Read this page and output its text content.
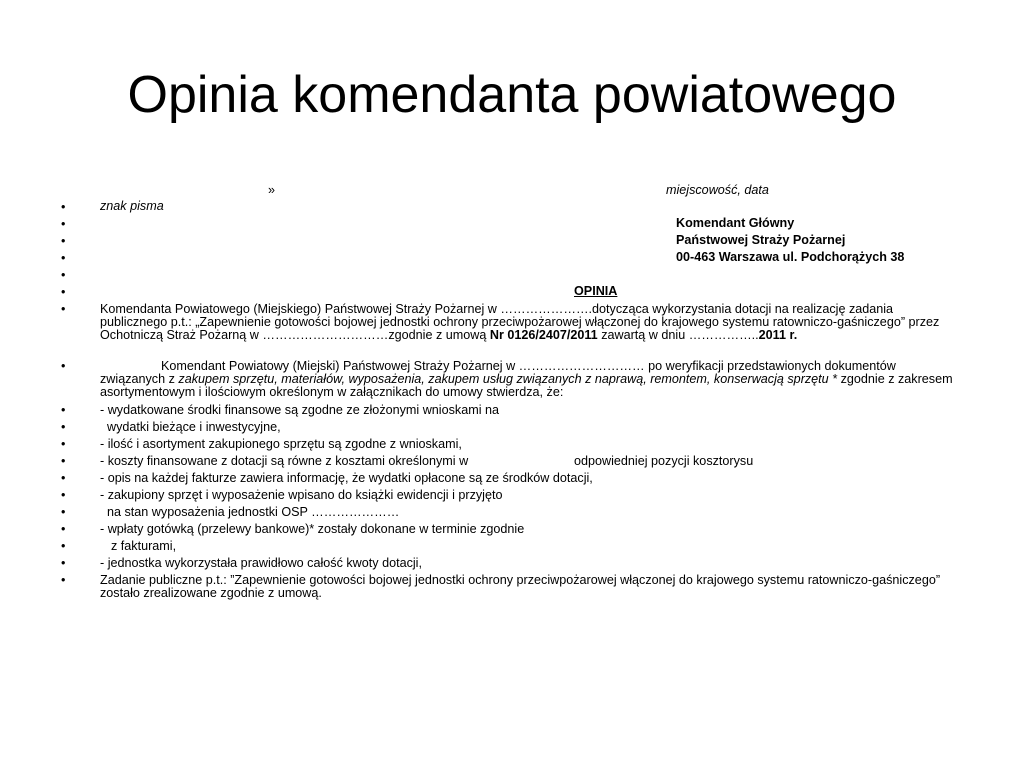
Opinia komendanta powiatowego
»	miejscowość, data
•	znak pisma
•	Komendant Główny
•	Państwowej Straży Pożarnej
•	00-463 Warszawa ul. Podchorążych 38
•
•	OPINIA
•	Komendanta Powiatowego (Miejskiego) Państwowej Straży Pożarnej w ………………….dotycząca wykorzystania dotacji na realizację zadania publicznego p.t.: „Zapewnienie gotowości bojowej jednostki ochrony przeciwpożarowej włączonej do krajowego systemu ratowniczo-gaśniczego” przez Ochotniczą Straż Pożarną w …………………………zgodnie z umową Nr 0126/2407/2011 zawartą w dniu ……………..2011 r.
•	Komendant Powiatowy (Miejski) Państwowej Straży Pożarnej w ………………………… po weryfikacji przedstawionych dokumentów związanych z zakupem sprzętu, materiałów, wyposażenia, zakupem usług związanych z naprawą, remontem, konserwacją sprzętu * zgodnie z zakresem asortymentowym i ilościowym określonym w załącznikach do umowy stwierdza, że:
•	- wydatkowane środki finansowe są zgodne ze złożonymi wnioskami na
•	wydatki bieżące i inwestycyjne,
•	- ilość i asortyment zakupionego sprzętu są zgodne z wnioskami,
•	- koszty finansowane z dotacji są równe z kosztami określonymi w	odpowiedniej pozycji kosztorysu
•	- opis na każdej fakturze zawiera informację, że wydatki opłacone są ze środków dotacji,
•	- zakupiony sprzęt i wyposażenie wpisano do książki ewidencji i przyjęto
•	na stan wyposażenia jednostki OSP …………………
•	- wpłaty gotówką (przelewy bankowe)* zostały dokonane w terminie zgodnie
•	z fakturami,
•	- jednostka wykorzystała prawidłowo całość kwoty dotacji,
•	Zadanie publiczne p.t.: ”Zapewnienie gotowości bojowej jednostki ochrony przeciwpożarowej włączonej do krajowego systemu ratowniczo-gaśniczego” zostało zrealizowane zgodnie z umową.
